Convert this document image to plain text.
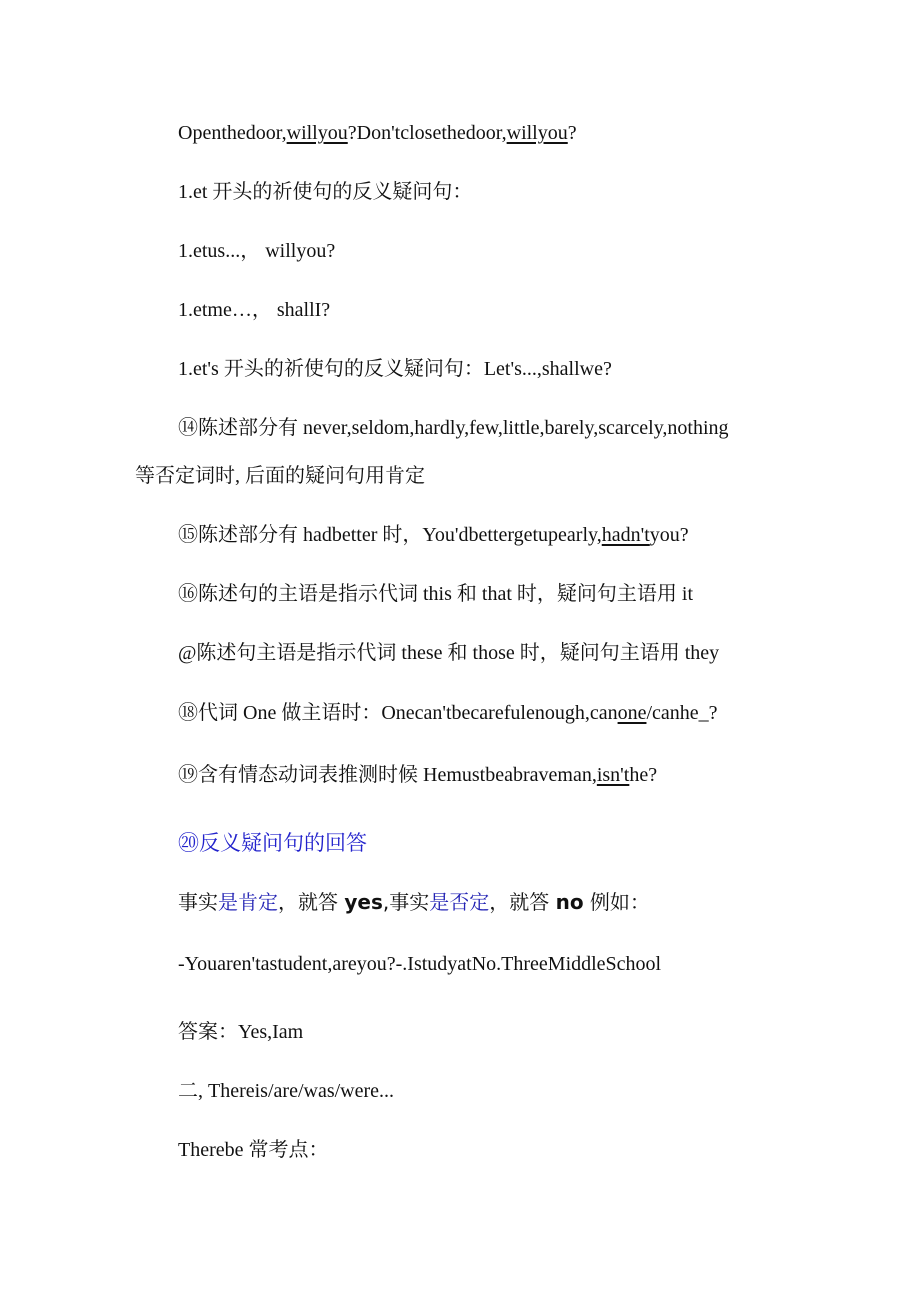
Openthedoor,willyou?Don'tclosethedoor,willyou?
1.et 开头的祈使句的反义疑问句：
1.etus...， willyou?
1.etme…， shallI?
1.et's 开头的祈使句的反义疑问句：Let's...,shallwe?
⑭陈述部分有 never,seldom,hardly,few,little,barely,scarcely,nothing
等否定词时, 后面的疑问句用肯定
⑮陈述部分有 hadbetter 时，You'dbettergetupearly,hadn'tyou?
⑯陈述句的主语是指示代词 this 和 that 时，疑问句主语用 it
@陈述句主语是指示代词 these 和 those 时，疑问句主语用 they
⑱代词 One 做主语时：Onecan'tbecarefulenough,canone/canhe_?
⑲含有情态动词表推测时候 Hemustbeabraveman,isn'the?
⑳反义疑问句的回答
事实是肯定，就答 yes,事实是否定，就答 no 例如：
-Youaren'tastudent,areyou?-.IstudyatNo.ThreeMiddleSchool
答案：Yes,Iam
二, Thereis/are/was/were...
Therebe 常考点：
